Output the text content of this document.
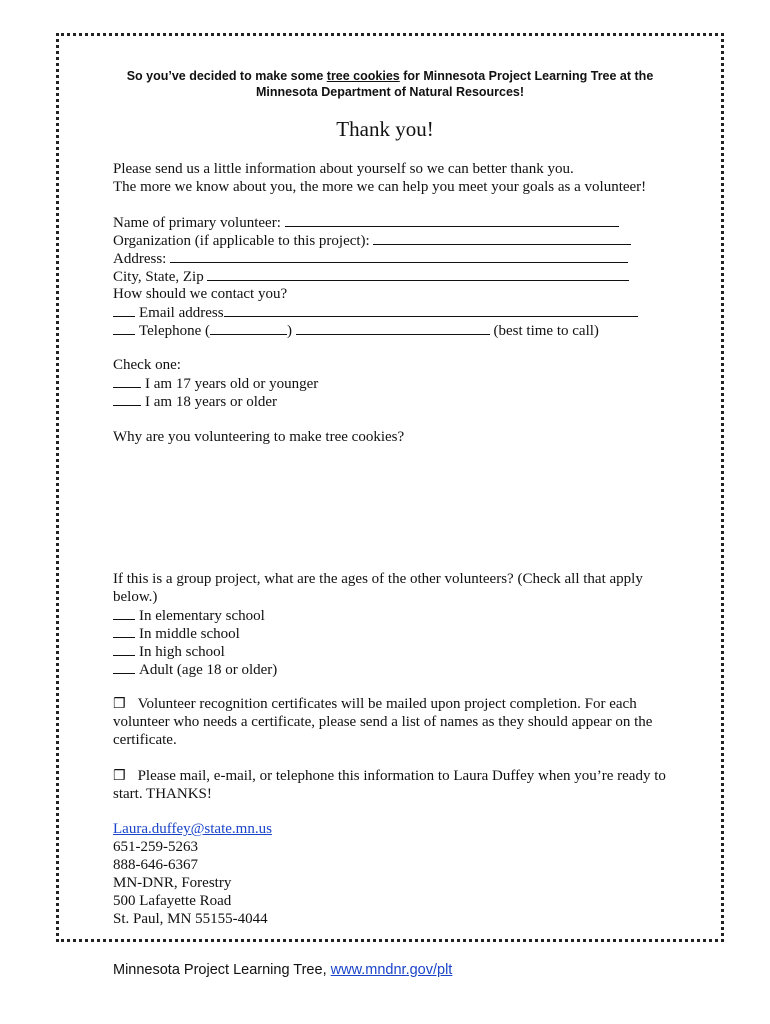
So you’ve decided to make some tree cookies for Minnesota Project Learning Tree at the
Minnesota Department of Natural Resources!
Thank you!
Please send us a little information about yourself so we can better thank you.
The more we know about you, the more we can help you meet your goals as a volunteer!
Name of primary volunteer:
Organization (if applicable to this project):
Address:
City, State, Zip
How should we contact you?
Email address
Telephone (	)	(best time to call)
Check one:
I am 17 years old or younger
I am 18 years or older
Why are you volunteering to make tree cookies?
If this is a group project, what are the ages of the other volunteers? (Check all that apply
below.)
In elementary school
In middle school
In high school
Adult (age 18 or older)
❒ Volunteer recognition certificates will be mailed upon project completion. For each
volunteer who needs a certificate, please send a list of names as they should appear on the
certificate.
❒ Please mail, e-mail, or telephone this information to Laura Duffey when you’re ready to
start. THANKS!
Laura.duffey@state.mn.us
651-259-5263
888-646-6367
MN-DNR, Forestry
500 Lafayette Road
St. Paul, MN 55155-4044
Minnesota Project Learning Tree, www.mndnr.gov/plt
